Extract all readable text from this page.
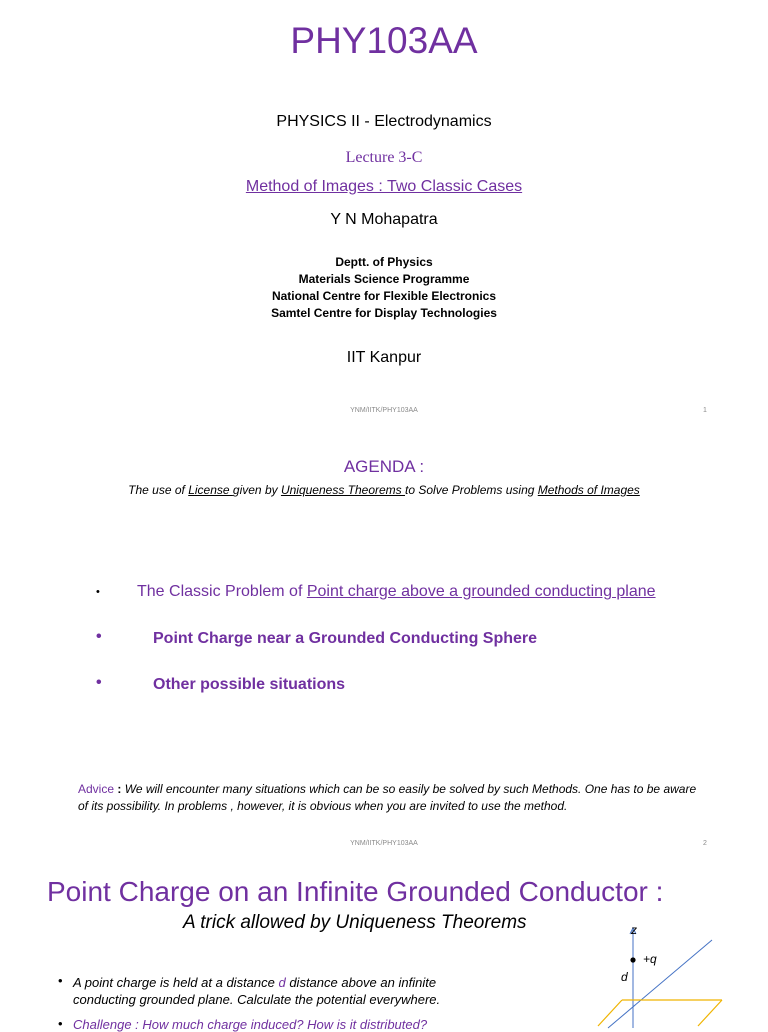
PHY103AA
PHYSICS II - Electrodynamics
Lecture 3-C
Method of Images : Two Classic Cases
Y N Mohapatra
Deptt. of Physics
Materials Science Programme
National Centre for Flexible Electronics
Samtel Centre for Display Technologies
IIT Kanpur
YNM/IITK/PHY103AA	1
AGENDA :
The use of License given by Uniqueness Theorems to Solve Problems using Methods of Images
• The Classic Problem of Point charge above a grounded conducting plane
•	Point Charge near a Grounded Conducting Sphere
•	Other possible situations
Advice : We will encounter many situations which can be so easily be solved by such Methods. One has to be aware
of its possibility. In problems , however, it is obvious when you are invited to use the method.
YNM/IITK/PHY103AA	2
Point Charge on an Infinite Grounded Conductor :
A trick allowed by Uniqueness Theorems
• A point charge is held at a distance d distance above an infinite
conducting grounded plane. Calculate the potential everywhere.
• Challenge : How much charge induced? How is it distributed?
z
+q
d
